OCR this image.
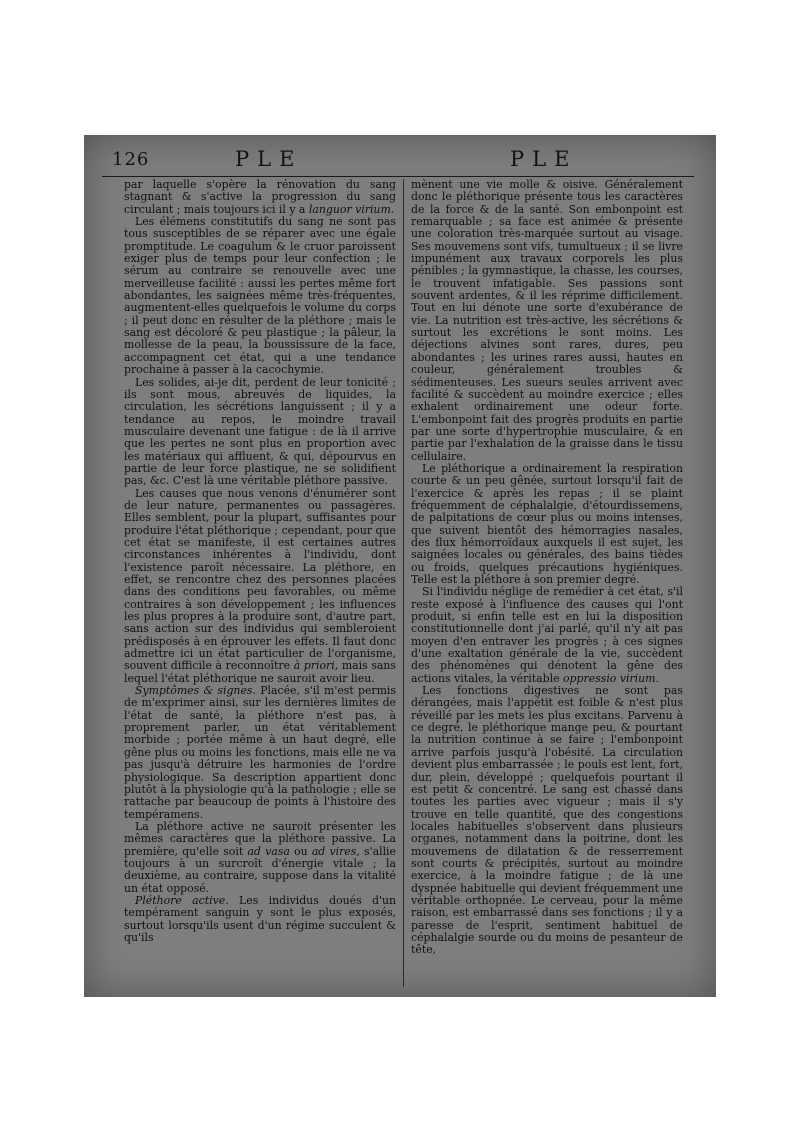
126	PLE	PLE

par laquelle s'opère la rénovation du sang stagnant & s'active la progression du sang circulant ; mais toujours ici il y a languor virium.

Les élémens constitutifs du sang ne sont pas tous susceptibles de se réparer avec une égale promptitude. Le coagulum & le cruor paroissent exiger plus de temps pour leur confection ; le sérum au contraire se renouvelle avec une merveilleuse facilité : aussi les pertes même fort abondantes, les saignées même très-fréquentes, augmentent-elles quelquefois le volume du corps ; il peut donc en résulter de la pléthore ; mais le sang est décoloré & peu plastique ; la pâleur, la mollesse de la peau, la boussissure de la face, accompagnent cet état, qui a une tendance prochaine à passer à la cacochymie.

Les solides, ai-je dit, perdent de leur tonicité ; ils sont mous, abreuvés de liquides, la circulation, les sécrétions languissent ; il y a tendance au repos, le moindre travail musculaire devenant une fatigue : de là il arrive que les pertes ne sont plus en proportion avec les matériaux qui affluent, & qui, dépourvus en partie de leur force plastique, ne se solidifient pas, &c. C'est là une véritable pléthore passive.

Les causes que nous venons d'énumérer sont de leur nature, permanentes ou passagères. Elles semblent, pour la plupart, suffisantes pour produire l'état pléthorique ; cependant, pour que cet état se manifeste, il est certaines autres circonstances inhérentes à l'individu, dont l'existence paroît nécessaire. La pléthore, en effet, se rencontre chez des personnes placées dans des conditions peu favorables, ou même contraires à son développement ; les influences les plus propres à la produire sont, d'autre part, sans action sur des individus qui sembleroient prédisposés à en éprouver les effets. Il faut donc admettre ici un état particulier de l'organisme, souvent difficile à reconnoître à priori, mais sans lequel l'état pléthorique ne sauroit avoir lieu.

Symptômes & signes. Placée, s'il m'est permis de m'exprimer ainsi, sur les dernières limites de l'état de santé, la pléthore n'est pas, à proprement parler, un état véritablement morbide ; portée même à un haut degré, elle gêne plus ou moins les fonctions, mais elle ne va pas jusqu'à détruire les harmonies de l'ordre physiologique. Sa description appartient donc plutôt à la physiologie qu'à la pathologie ; elle se rattache par beaucoup de points à l'histoire des tempéramens.

La pléthore active ne sauroit présenter les mêmes caractères que la pléthore passive. La première, qu'elle soit ad vasa ou ad vires, s'allie toujours à un surcroît d'énergie vitale ; la deuxième, au contraire, suppose dans la vitalité un état opposé.

Pléthore active. Les individus doués d'un tempérament sanguin y sont le plus exposés, surtout lorsqu'ils usent d'un régime succulent & qu'ils

mènent une vie molle & oisive. Généralement donc le pléthorique présente tous les caractères de la force & de la santé. Son embonpoint est remarquable ; sa face est animée & présente une coloration très-marquée surtout au visage. Ses mouvemens sont vifs, tumultueux ; il se livre impunément aux travaux corporels les plus pénibles ; la gymnastique, la chasse, les courses, le trouvent infatigable. Ses passions sont souvent ardentes, & il les réprime difficilement. Tout en lui dénote une sorte d'exubérance de vie. La nutrition est très-active, les sécrétions & surtout les excrétions le sont moins. Les déjections alvines sont rares, dures, peu abondantes ; les urines rares aussi, hautes en couleur, généralement troubles & sédimenteuses. Les sueurs seules arrivent avec facilité & succèdent au moindre exercice ; elles exhalent ordinairement une odeur forte. L'embonpoint fait des progrès produits en partie par une sorte d'hypertrophie musculaire, & en partie par l'exhalation de la graisse dans le tissu cellulaire.

Le pléthorique a ordinairement la respiration courte & un peu gênée, surtout lorsqu'il fait de l'exercice & après les repas ; il se plaint fréquemment de céphalalgie, d'étourdissemens, de palpitations de cœur plus ou moins intenses, que suivent bientôt des hémorragies nasales, des flux hémorroïdaux auxquels il est sujet, les saignées locales ou générales, des bains tièdes ou froids, quelques précautions hygiéniques. Telle est la pléthore à son premier degré.

Si l'individu néglige de remédier à cet état, s'il reste exposé à l'influence des causes qui l'ont produit, si enfin telle est en lui la disposition constitutionnelle dont j'ai parlé, qu'il n'y ait pas moyen d'en entraver les progrès ; à ces signes d'une exaltation générale de la vie, succèdent des phénomènes qui dénotent la gêne des actions vitales, la véritable oppressio virium.

Les fonctions digestives ne sont pas dérangées, mais l'appétit est foible & n'est plus réveillé par les mets les plus excitans. Parvenu à ce degré, le pléthorique mange peu, & pourtant la nutrition continue à se faire ; l'embonpoint arrive parfois jusqu'à l'obésité. La circulation devient plus embarrassée ; le pouls est lent, fort, dur, plein, développé ; quelquefois pourtant il est petit & concentré. Le sang est chassé dans toutes les parties avec vigueur ; mais il s'y trouve en telle quantité, que des congestions locales habituelles s'observent dans plusieurs organes, notamment dans la poitrine, dont les mouvemens de dilatation & de resserrement sont courts & précipités, surtout au moindre exercice, à la moindre fatigue ; de là une dyspnée habituelle qui devient fréquemment une véritable orthopnée. Le cerveau, pour la même raison, est embarrassé dans ses fonctions ; il y a paresse de l'esprit, sentiment habituel de céphalalgie sourde ou du moins de pesanteur de tête,
